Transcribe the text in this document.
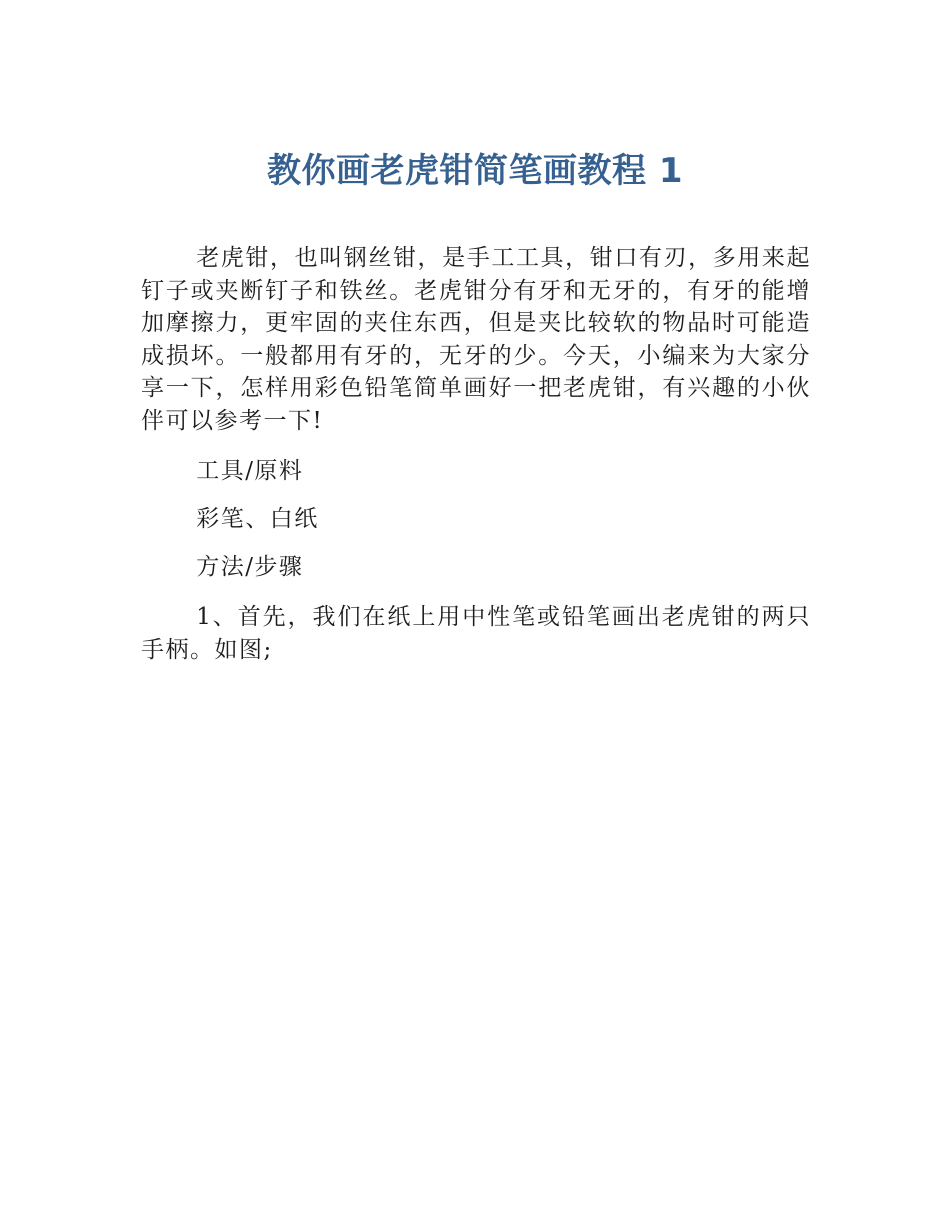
教你画老虎钳简笔画教程 1

老虎钳，也叫钢丝钳，是手工工具，钳口有刃，多用来起钉子或夹断钉子和铁丝。老虎钳分有牙和无牙的，有牙的能增加摩擦力，更牢固的夹住东西，但是夹比较软的物品时可能造成损坏。一般都用有牙的，无牙的少。今天，小编来为大家分享一下，怎样用彩色铅笔简单画好一把老虎钳，有兴趣的小伙伴可以参考一下!

工具/原料

彩笔、白纸

方法/步骤

1、首先，我们在纸上用中性笔或铅笔画出老虎钳的两只手柄。如图;
